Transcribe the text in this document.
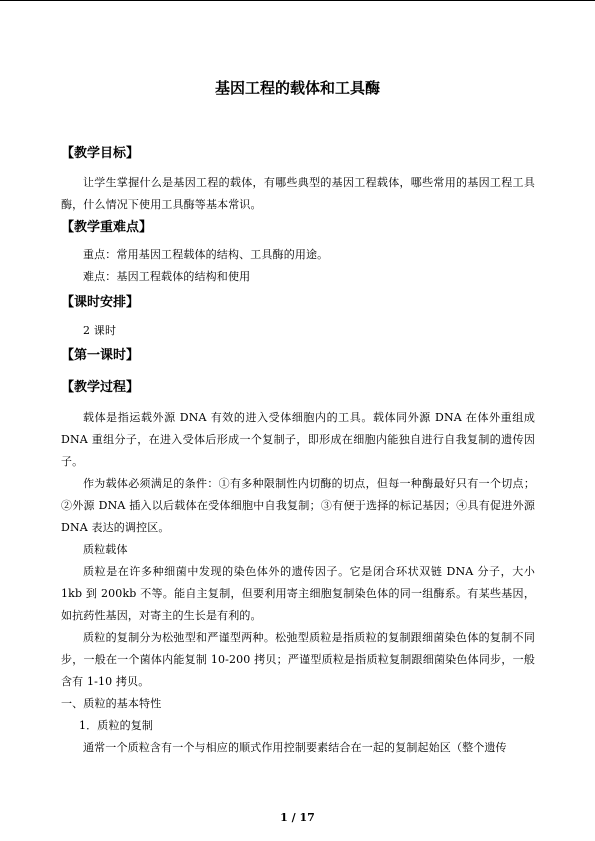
基因工程的载体和工具酶
【教学目标】
让学生掌握什么是基因工程的载体，有哪些典型的基因工程载体，哪些常用的基因工程工具酶，什么情况下使用工具酶等基本常识。
【教学重难点】
重点：常用基因工程载体的结构、工具酶的用途。
难点：基因工程载体的结构和使用
【课时安排】
2 课时
【第一课时】
【教学过程】
载体是指运载外源 DNA 有效的进入受体细胞内的工具。载体同外源 DNA 在体外重组成 DNA 重组分子，在进入受体后形成一个复制子，即形成在细胞内能独自进行自我复制的遗传因子。
作为载体必须满足的条件：①有多种限制性内切酶的切点，但每一种酶最好只有一个切点；②外源 DNA 插入以后载体在受体细胞中自我复制；③有便于选择的标记基因；④具有促进外源 DNA 表达的调控区。
质粒载体
质粒是在许多种细菌中发现的染色体外的遗传因子。它是闭合环状双链 DNA 分子，大小 1kb 到 200kb 不等。能自主复制，但要利用寄主细胞复制染色体的同一组酶系。有某些基因，如抗药性基因，对寄主的生长是有利的。
质粒的复制分为松弛型和严谨型两种。松弛型质粒是指质粒的复制跟细菌染色体的复制不同步，一般在一个菌体内能复制 10-200 拷贝；严谨型质粒是指质粒复制跟细菌染色体同步，一般含有 1-10 拷贝。
一、质粒的基本特性
1．质粒的复制
通常一个质粒含有一个与相应的顺式作用控制要素结合在一起的复制起始区（整个遗传
1 / 17
